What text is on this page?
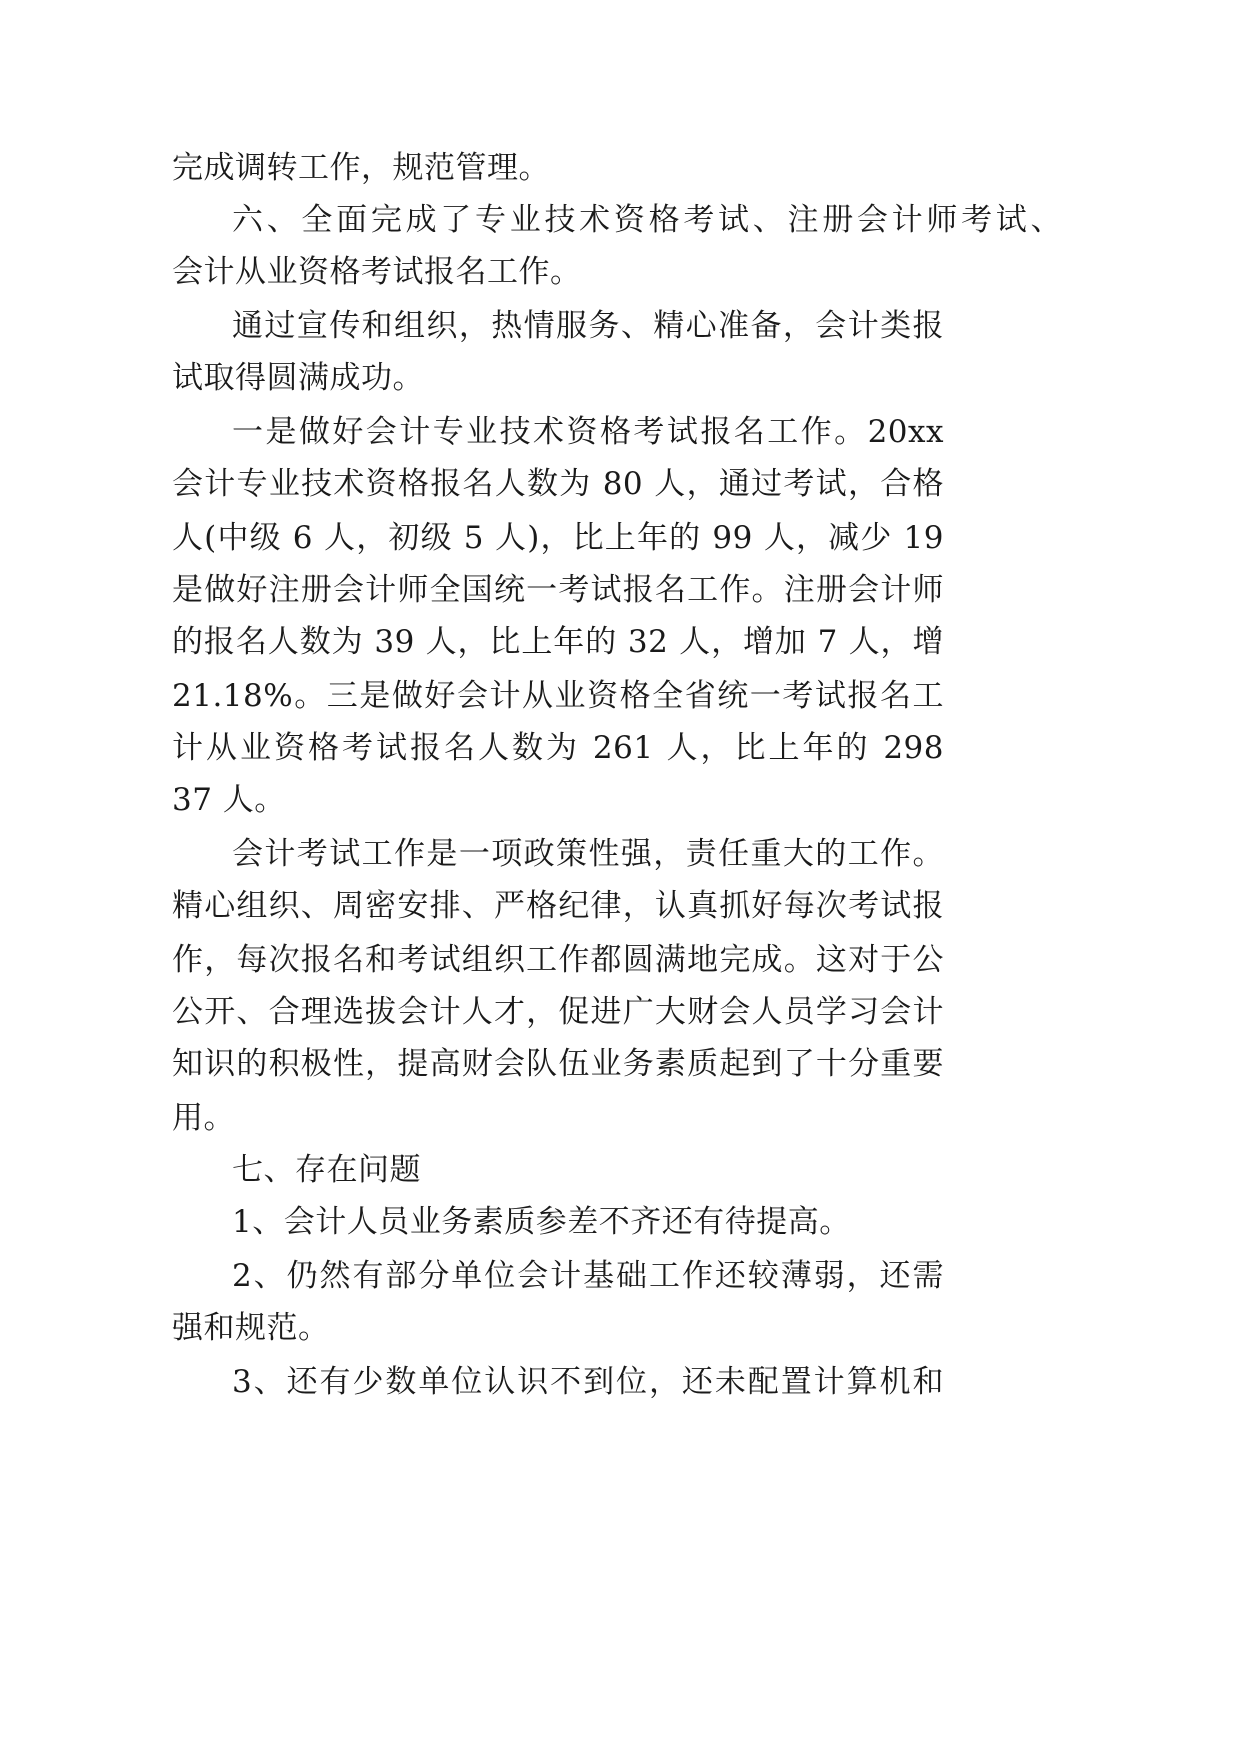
完成调转工作，规范管理。
六、全面完成了专业技术资格考试、注册会计师考试、
会计从业资格考试报名工作。
通过宣传和组织，热情服务、精心准备，会计类报
试取得圆满成功。
一是做好会计专业技术资格考试报名工作。20xx
会计专业技术资格报名人数为 80 人，通过考试，合格
人(中级 6 人，初级 5 人)，比上年的 99 人，减少 19
是做好注册会计师全国统一考试报名工作。注册会计师
的报名人数为 39 人，比上年的 32 人，增加 7 人，增
21.18%。三是做好会计从业资格全省统一考试报名工
计从业资格考试报名人数为 261 人，比上年的 298
37 人。
会计考试工作是一项政策性强，责任重大的工作。
精心组织、周密安排、严格纪律，认真抓好每次考试报
作，每次报名和考试组织工作都圆满地完成。这对于公
公开、合理选拔会计人才，促进广大财会人员学习会计
知识的积极性，提高财会队伍业务素质起到了十分重要
用。
七、存在问题
1、会计人员业务素质参差不齐还有待提高。
2、仍然有部分单位会计基础工作还较薄弱，还需
强和规范。
3、还有少数单位认识不到位，还未配置计算机和
